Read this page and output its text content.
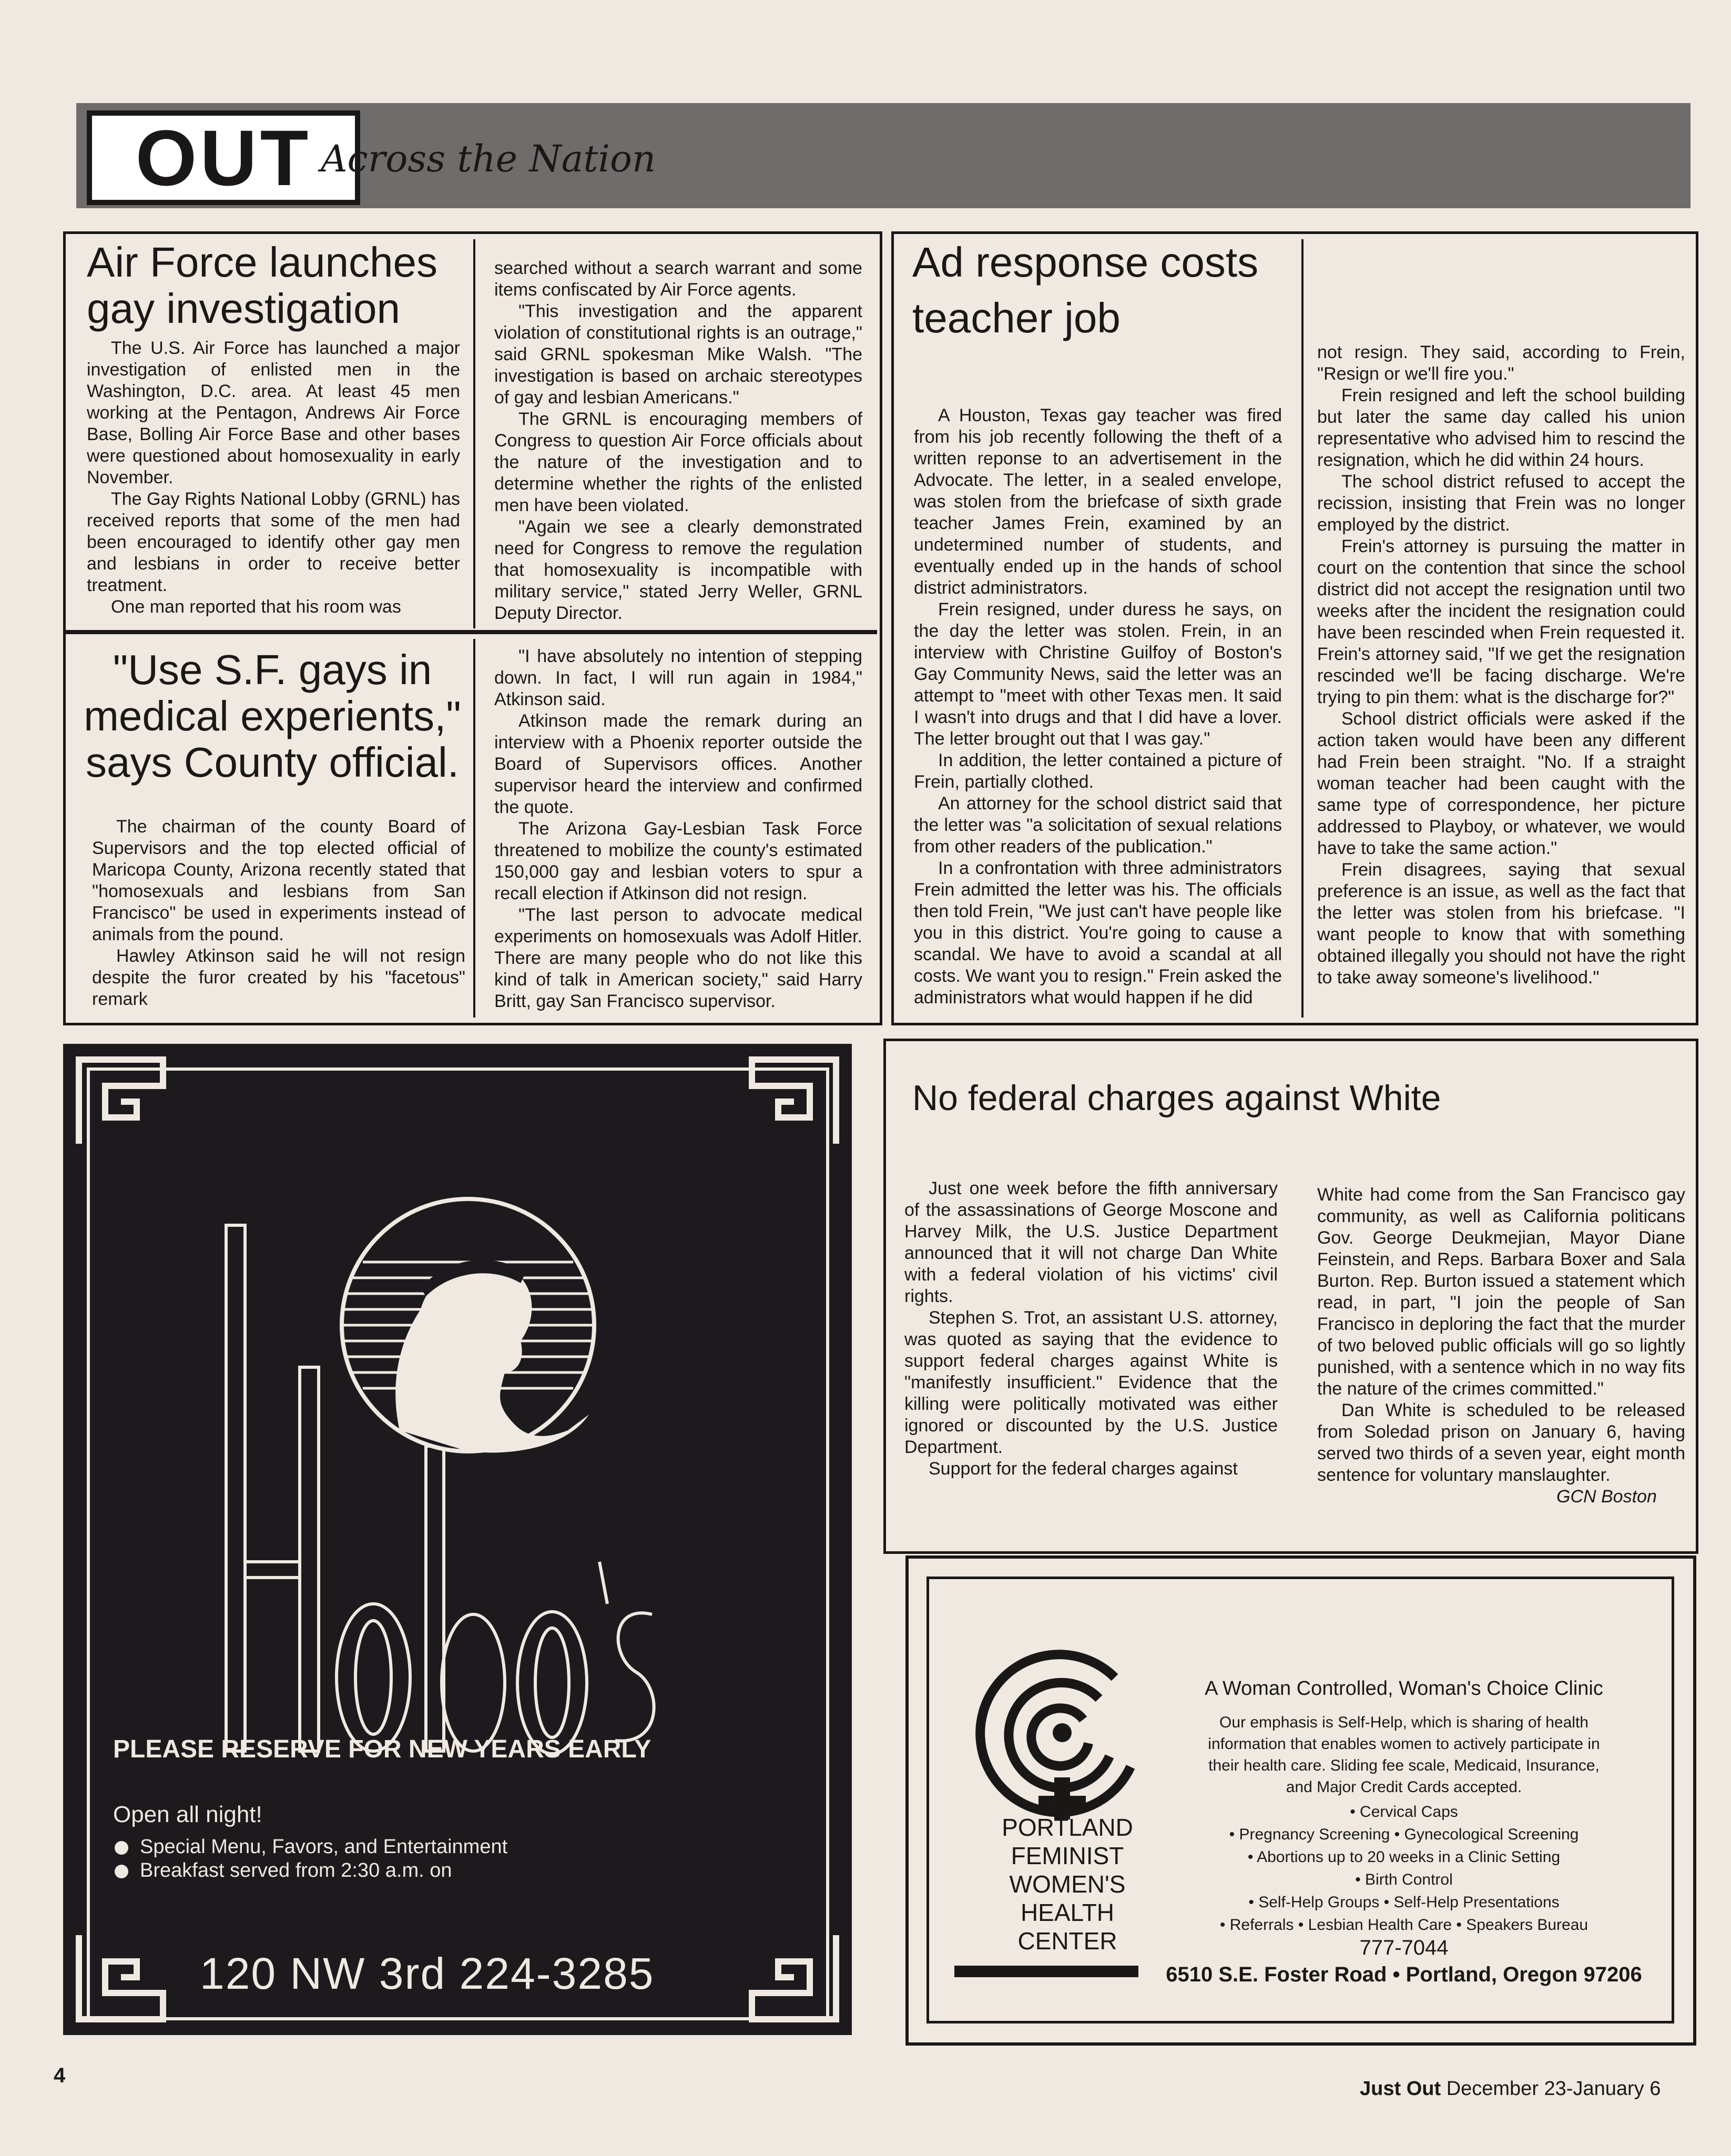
OUT Across the Nation
Air Force launches
gay investigation

The U.S. Air Force has launched a major investigation of enlisted men in the Washington, D.C. area. At least 45 men working at the Pentagon, Andrews Air Force Base, Bolling Air Force Base and other bases were questioned about homosexuality in early November.

The Gay Rights National Lobby (GRNL) has received reports that some of the men had been encouraged to identify other gay men and lesbians in order to receive better treatment.

One man reported that his room was

searched without a search warrant and some items confiscated by Air Force agents.

"This investigation and the apparent violation of constitutional rights is an outrage," said GRNL spokesman Mike Walsh. "The investigation is based on archaic stereotypes of gay and lesbian Americans."

The GRNL is encouraging members of Congress to question Air Force officials about the nature of the investigation and to determine whether the rights of the enlisted men have been violated.

"Again we see a clearly demonstrated need for Congress to remove the regulation that homosexuality is incompatible with military service," stated Jerry Weller, GRNL Deputy Director.

"Use S.F. gays in
medical experients,"
says County official.

The chairman of the county Board of Supervisors and the top elected official of Maricopa County, Arizona recently stated that "homosexuals and lesbians from San Francisco" be used in experiments instead of animals from the pound.

Hawley Atkinson said he will not resign despite the furor created by his "facetous" remark

"I have absolutely no intention of stepping down. In fact, I will run again in 1984," Atkinson said.

Atkinson made the remark during an interview with a Phoenix reporter outside the Board of Supervisors offices. Another supervisor heard the interview and confirmed the quote.

The Arizona Gay-Lesbian Task Force threatened to mobilize the county's estimated 150,000 gay and lesbian voters to spur a recall election if Atkinson did not resign.

"The last person to advocate medical experiments on homosexuals was Adolf Hitler. There are many people who do not like this kind of talk in American society," said Harry Britt, gay San Francisco supervisor.

Ad response costs
teacher job

A Houston, Texas gay teacher was fired from his job recently following the theft of a written reponse to an advertisement in the Advocate. The letter, in a sealed envelope, was stolen from the briefcase of sixth grade teacher James Frein, examined by an undetermined number of students, and eventually ended up in the hands of school district administrators.

Frein resigned, under duress he says, on the day the letter was stolen. Frein, in an interview with Christine Guilfoy of Boston's Gay Community News, said the letter was an attempt to "meet with other Texas men. It said I wasn't into drugs and that I did have a lover. The letter brought out that I was gay."

In addition, the letter contained a picture of Frein, partially clothed.

An attorney for the school district said that the letter was "a solicitation of sexual relations from other readers of the publication."

In a confrontation with three administrators Frein admitted the letter was his. The officials then told Frein, "We just can't have people like you in this district. You're going to cause a scandal. We have to avoid a scandal at all costs. We want you to resign." Frein asked the administrators what would happen if he did

not resign. They said, according to Frein, "Resign or we'll fire you."

Frein resigned and left the school building but later the same day called his union representative who advised him to rescind the resignation, which he did within 24 hours.

The school district refused to accept the recission, insisting that Frein was no longer employed by the district.

Frein's attorney is pursuing the matter in court on the contention that since the school district did not accept the resignation until two weeks after the incident the resignation could have been rescinded when Frein requested it. Frein's attorney said, "If we get the resignation rescinded we'll be facing discharge. We're trying to pin them: what is the discharge for?"

School district officials were asked if the action taken would have been any different had Frein been straight. "No. If a straight woman teacher had been caught with the same type of correspondence, her picture addressed to Playboy, or whatever, we would have to take the same action."

Frein disagrees, saying that sexual preference is an issue, as well as the fact that the letter was stolen from his briefcase. "I want people to know that with something obtained illegally you should not have the right to take away someone's livelihood."

No federal charges against White

Just one week before the fifth anniversary of the assassinations of George Moscone and Harvey Milk, the U.S. Justice Department announced that it will not charge Dan White with a federal violation of his victims' civil rights.

Stephen S. Trot, an assistant U.S. attorney, was quoted as saying that the evidence to support federal charges against White is "manifestly insufficient." Evidence that the killing were politically motivated was either ignored or discounted by the U.S. Justice Department.

Support for the federal charges against

White had come from the San Francisco gay community, as well as California politicans Gov. George Deukmejian, Mayor Diane Feinstein, and Reps. Barbara Boxer and Sala Burton. Rep. Burton issued a statement which read, in part, "I join the people of San Francisco in deploring the fact that the murder of two beloved public officials will go so lightly punished, with a sentence which in no way fits the nature of the crimes committed."

Dan White is scheduled to be released from Soledad prison on January 6, having served two thirds of a seven year, eight month sentence for voluntary manslaughter.

GCN Boston
PLEASE RESERVE FOR NEW YEARS EARLY
Open all night!
Special Menu, Favors, and Entertainment
Breakfast served from 2:30 a.m. on
120 NW 3rd 224-3285
PORTLAND
FEMINIST
WOMEN'S
HEALTH
CENTER
A Woman Controlled, Woman's Choice Clinic
Our emphasis is Self-Help, which is sharing of health
information that enables women to actively participate in
their health care. Sliding fee scale, Medicaid, Insurance,
and Major Credit Cards accepted.
• Cervical Caps
• Pregnancy Screening • Gynecological Screening
• Abortions up to 20 weeks in a Clinic Setting
• Birth Control
• Self-Help Groups • Self-Help Presentations
• Referrals • Lesbian Health Care • Speakers Bureau
777-7044
6510 S.E. Foster Road • Portland, Oregon 97206
4
Just Out December 23-January 6
